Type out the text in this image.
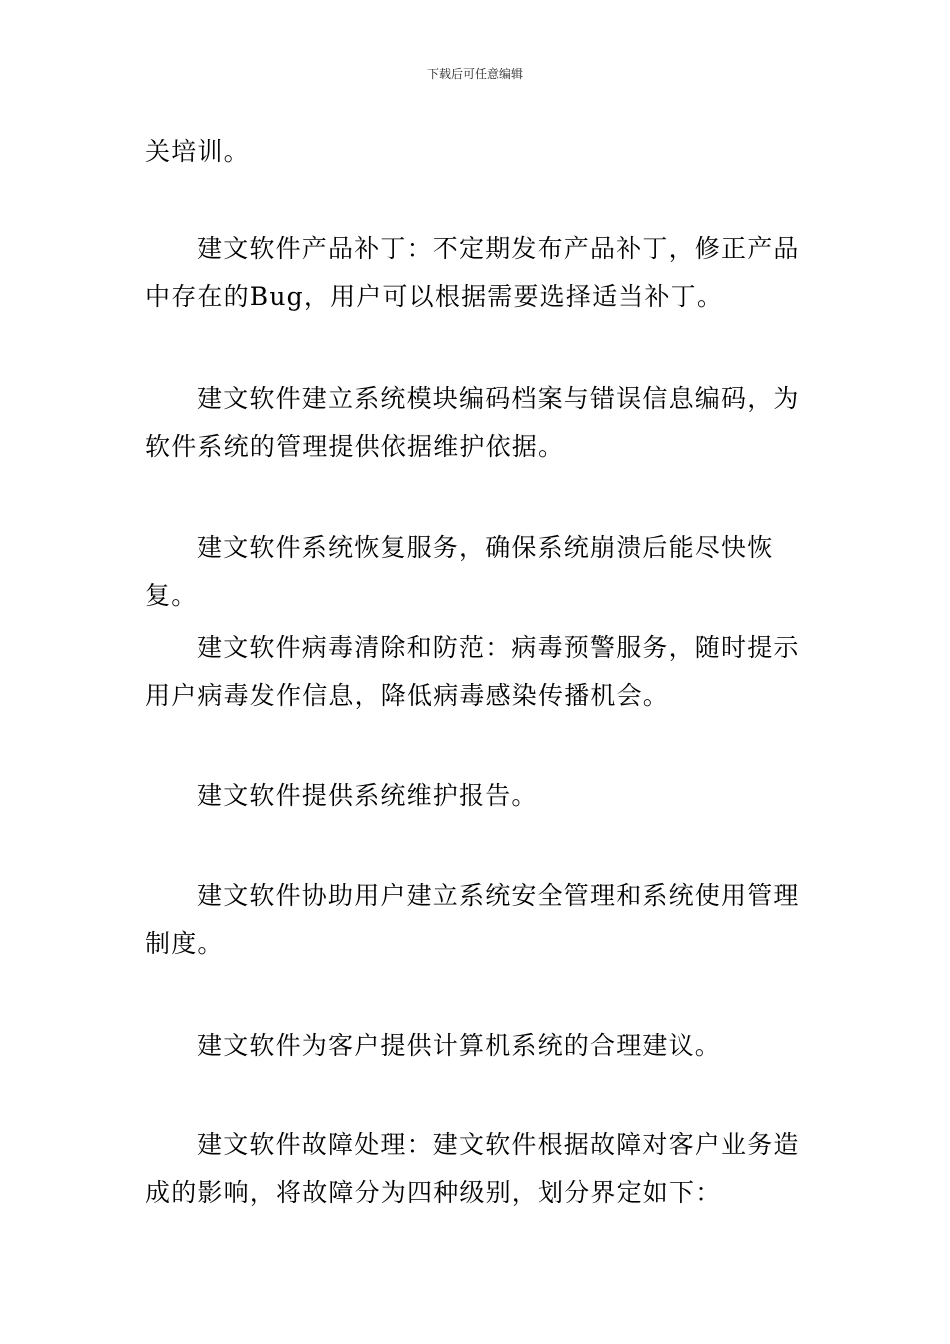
下载后可任意编辑

关培训。

建文软件产品补丁：不定期发布产品补丁，修正产品中存在的Bug，用户可以根据需要选择适当补丁。

建文软件建立系统模块编码档案与错误信息编码，为软件系统的管理提供依据维护依据。

建文软件系统恢复服务，确保系统崩溃后能尽快恢复。

建文软件病毒清除和防范：病毒预警服务，随时提示用户病毒发作信息，降低病毒感染传播机会。

建文软件提供系统维护报告。

建文软件协助用户建立系统安全管理和系统使用管理制度。

建文软件为客户提供计算机系统的合理建议。

建文软件故障处理：建文软件根据故障对客户业务造成的影响，将故障分为四种级别，划分界定如下：
